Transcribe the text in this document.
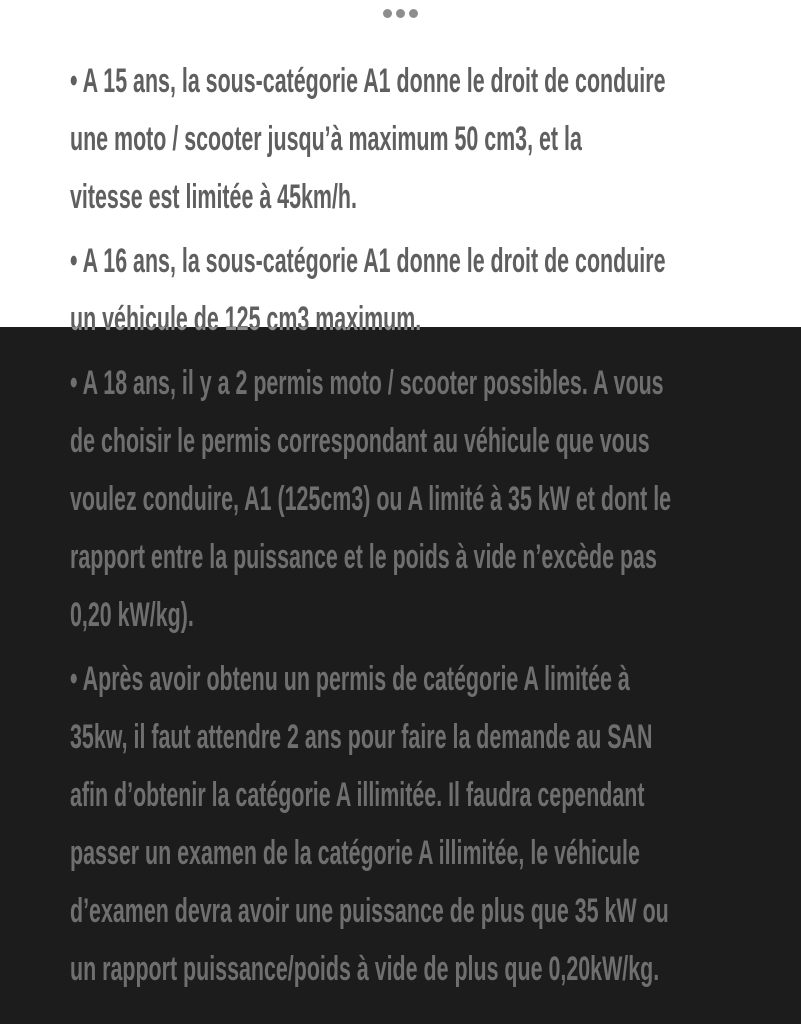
• A 15 ans, la sous-catégorie A1 donne le droit de conduire
une moto / scooter jusqu’à maximum 50 cm3, et la
vitesse est limitée à 45km/h.
• A 16 ans, la sous-catégorie A1 donne le droit de conduire
un véhicule de 125 cm3 maximum.
• A 18 ans, il y a 2 permis moto / scooter possibles. A vous
de choisir le permis correspondant au véhicule que vous
voulez conduire, A1 (125cm3) ou A limité à 35 kW et dont le
rapport entre la puissance et le poids à vide n’excède pas
0,20 kW/kg).
• Après avoir obtenu un permis de catégorie A limitée à
35kw, il faut attendre 2 ans pour faire la demande au SAN
afin d’obtenir la catégorie A illimitée. Il faudra cependant
passer un examen de la catégorie A illimitée, le véhicule
d’examen devra avoir une puissance de plus que 35 kW ou
un rapport puissance/poids à vide de plus que 0,20kW/kg.
